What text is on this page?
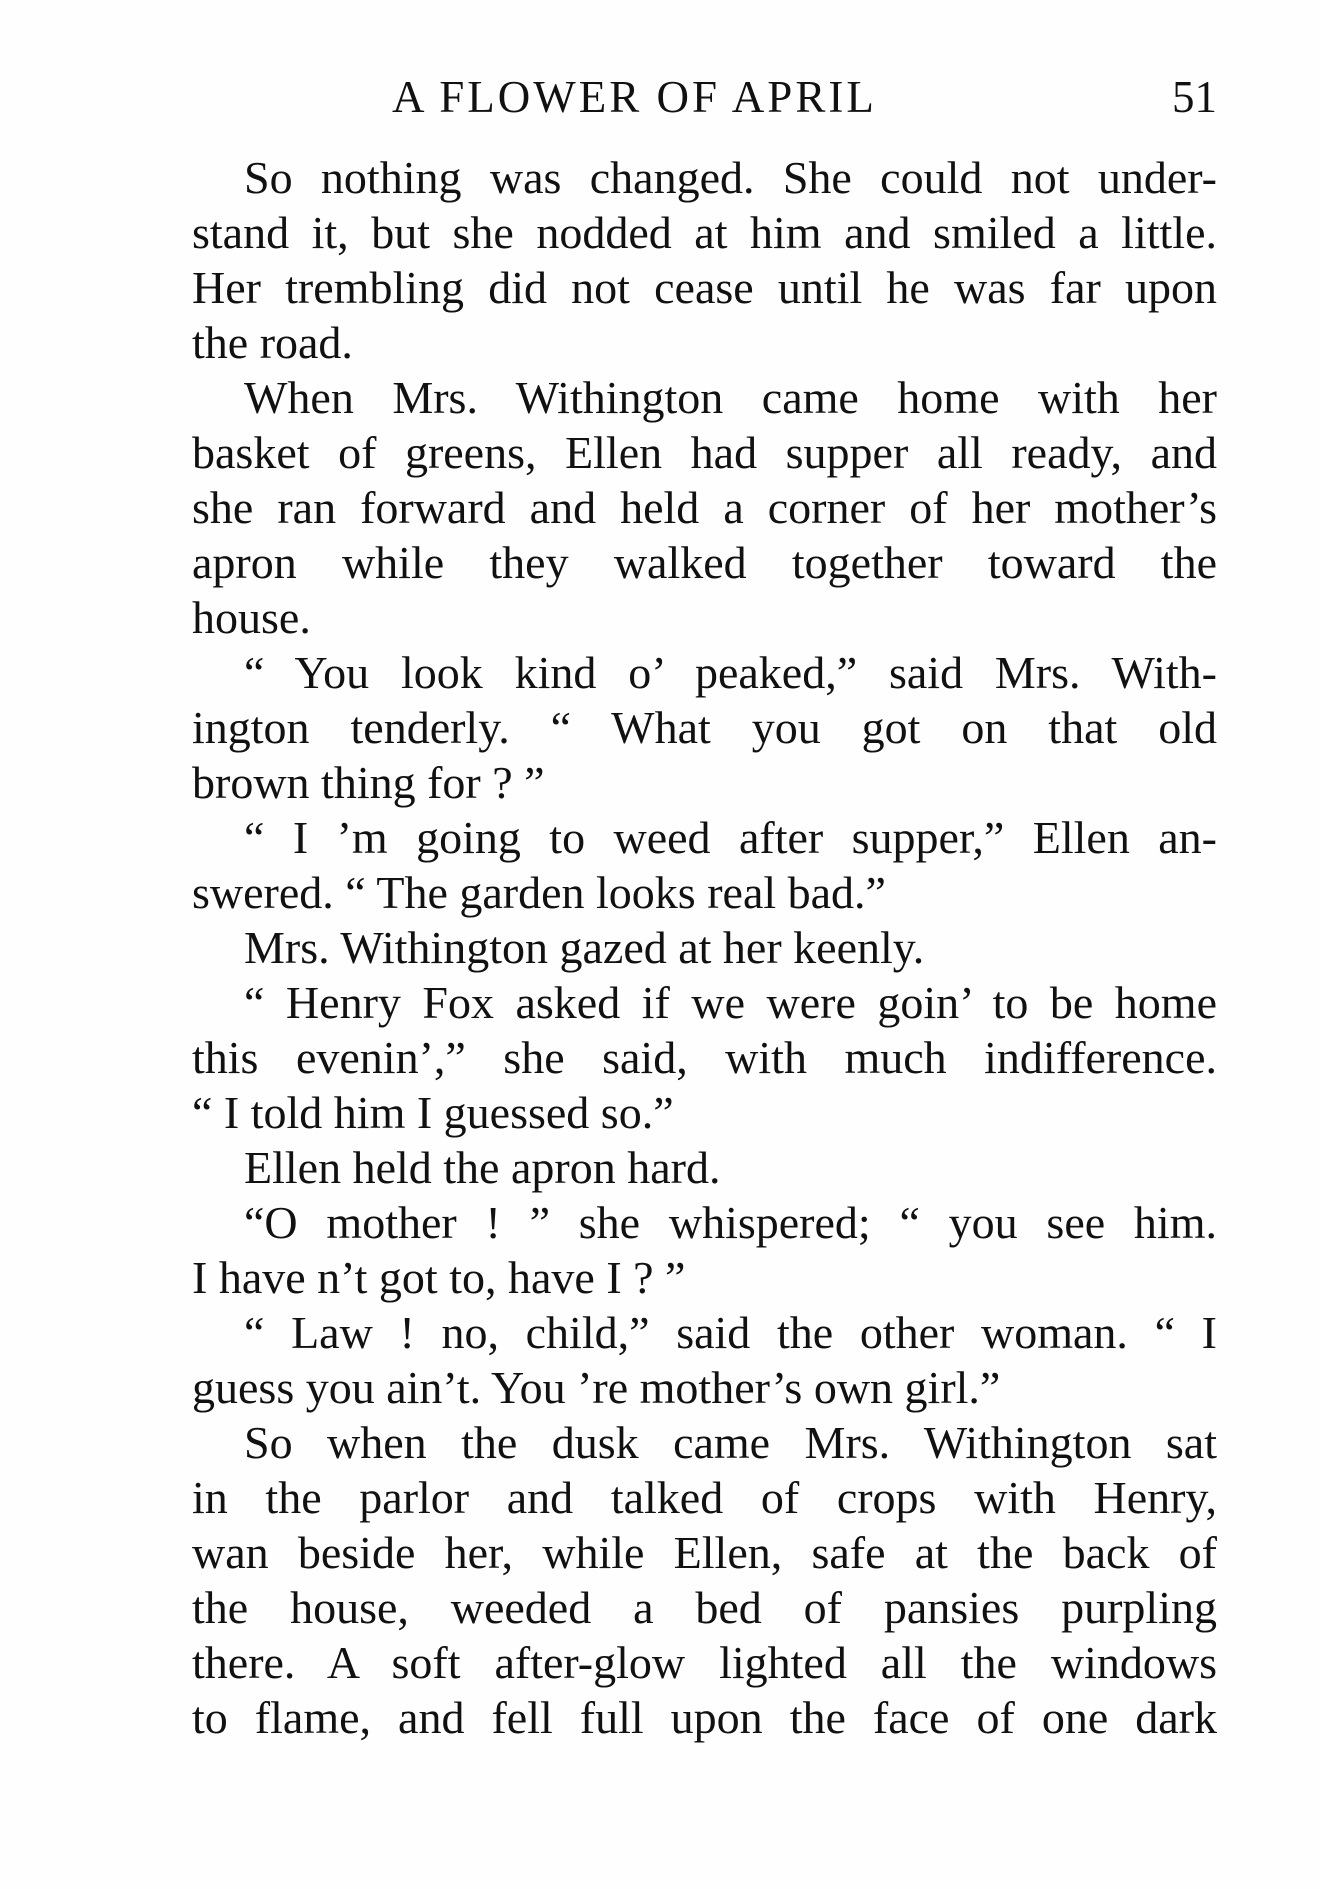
A FLOWER OF APRIL	51
So nothing was changed. She could not under-
stand it, but she nodded at him and smiled a little.
Her trembling did not cease until he was far upon
the road.
When Mrs. Withington came home with her
basket of greens, Ellen had supper all ready, and
she ran forward and held a corner of her mother’s
apron while they walked together toward the
house.
“ You look kind o’ peaked,” said Mrs. With-
ington tenderly. “ What you got on that old
brown thing for ? ”
“ I ’m going to weed after supper,” Ellen an-
swered. “ The garden looks real bad.”
Mrs. Withington gazed at her keenly.
“ Henry Fox asked if we were goin’ to be home
this evenin’,” she said, with much indifference.
“ I told him I guessed so.”
Ellen held the apron hard.
“O mother ! ” she whispered; “ you see him.
I have n’t got to, have I ? ”
“ Law ! no, child,” said the other woman. “ I
guess you ain’t. You ’re mother’s own girl.”
So when the dusk came Mrs. Withington sat
in the parlor and talked of crops with Henry,
wan beside her, while Ellen, safe at the back of
the house, weeded a bed of pansies purpling
there. A soft after-glow lighted all the windows
to flame, and fell full upon the face of one dark
